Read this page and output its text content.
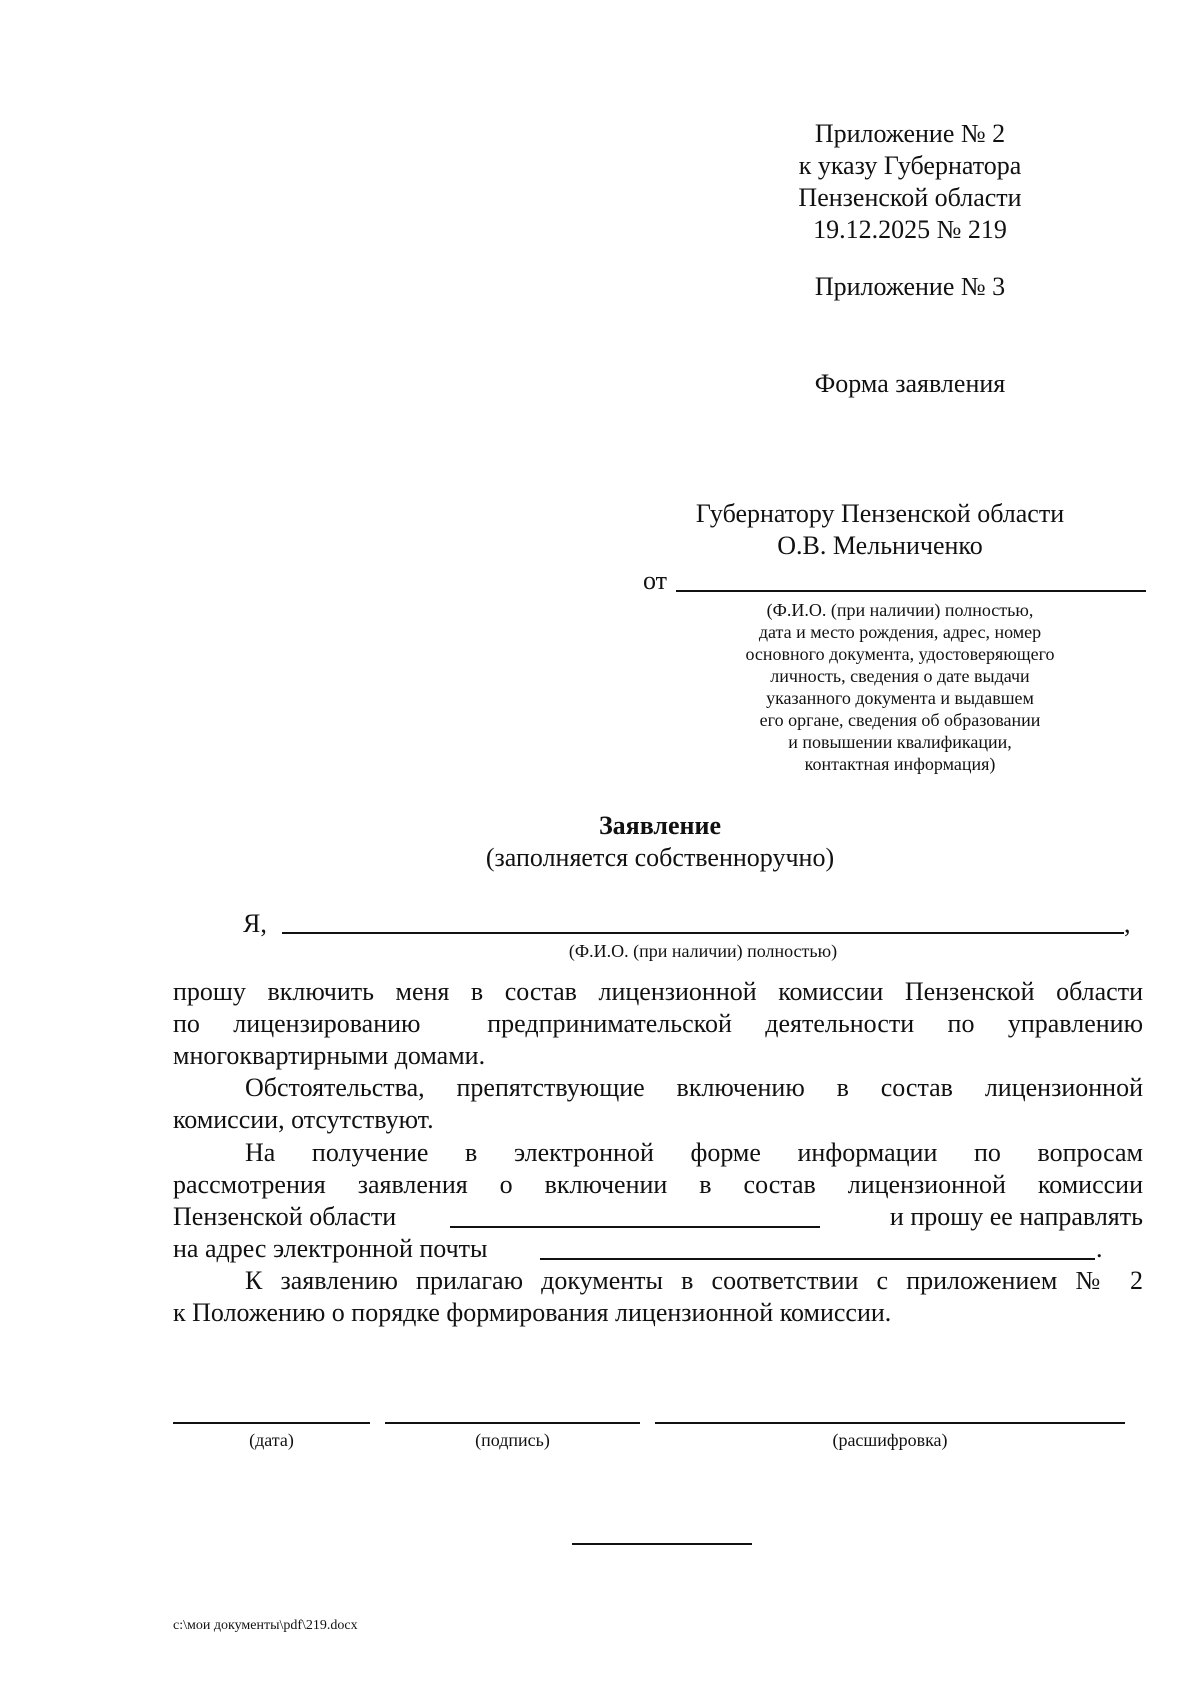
Приложение № 2
к указу Губернатора
Пензенской области
19.12.2025 № 219
Приложение № 3
Форма заявления
Губернатору Пензенской области
О.В. Мельниченко
от
(Ф.И.О. (при наличии) полностью,
дата и место рождения, адрес, номер
основного документа, удостоверяющего
личность, сведения о дате выдачи
указанного документа и выдавшем
его органе, сведения об образовании
и повышении квалификации,
контактная информация)
Заявление
(заполняется собственноручно)
Я,	,
(Ф.И.О. (при наличии) полностью)
прошу включить меня в состав лицензионной комиссии Пензенской области
по лицензированию  предпринимательской деятельности по управлению
многоквартирными домами.
Обстоятельства, препятствующие включению в состав лицензионной
комиссии, отсутствуют.
На получение в электронной форме информации по вопросам
рассмотрения заявления о включении в состав лицензионной комиссии
Пензенской области	и прошу ее направлять
на адрес электронной почты	.
К заявлению прилагаю документы в соответствии с приложением № 2
к Положению о порядке формирования лицензионной комиссии.
(дата)	(подпись)	(расшифровка)
c:\мои документы\pdf\219.docx
